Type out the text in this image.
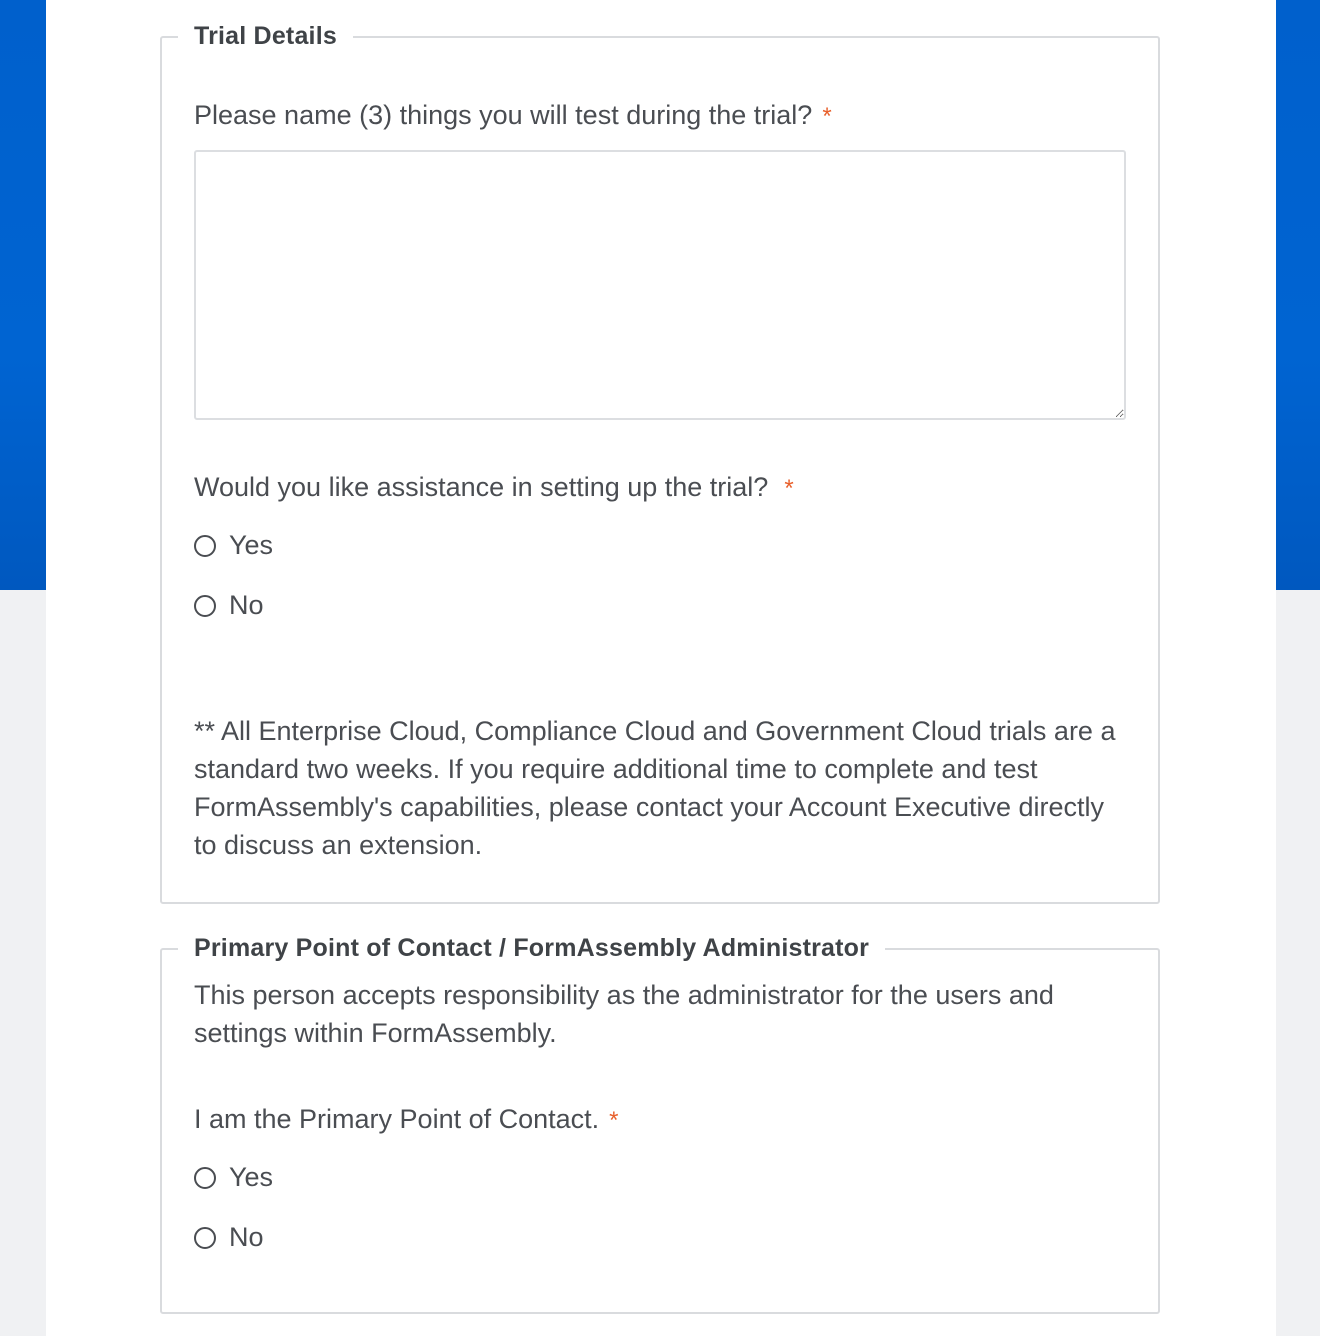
Trial Details
Please name (3) things you will test during the trial? *
Would you like assistance in setting up the trial? *
Yes
No
** All Enterprise Cloud, Compliance Cloud and Government Cloud trials are a standard two weeks. If you require additional time to complete and test FormAssembly's capabilities, please contact your Account Executive directly to discuss an extension.
Primary Point of Contact / FormAssembly Administrator
This person accepts responsibility as the administrator for the users and settings within FormAssembly.
I am the Primary Point of Contact. *
Yes
No
